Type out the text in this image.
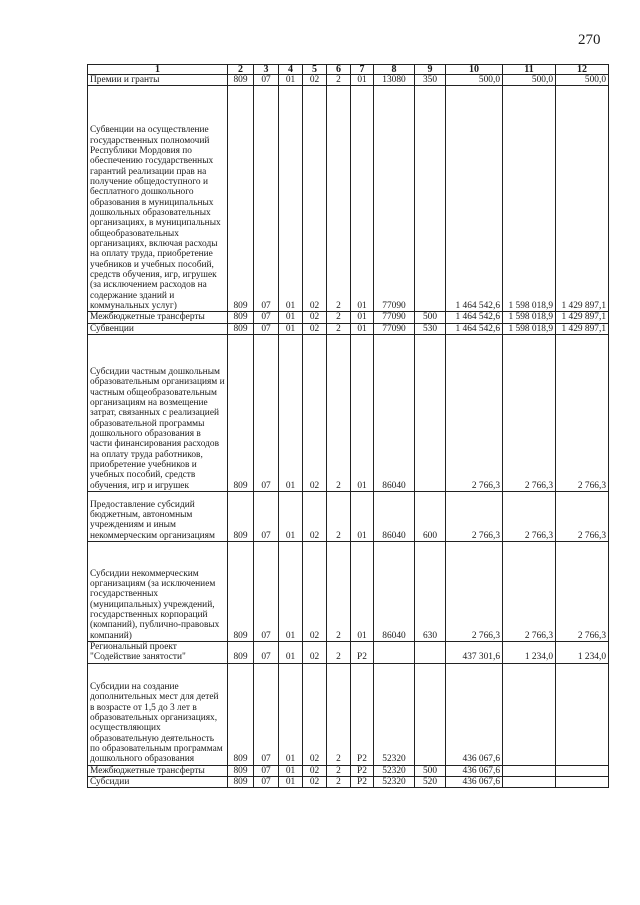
270
1	2	3	4	5	6	7	8	9	10	11	12
Премии и гранты	809	07	01	02	2	01	13080	350	500,0	500,0	500,0
Субвенции на осуществление государственных полномочий Республики Мордовия по обеспечению государственных гарантий реализации прав на получение общедоступного и бесплатного дошкольного образования в муниципальных дошкольных образовательных организациях, в муниципальных общеобразовательных организациях, включая расходы на оплату труда, приобретение учебников и учебных пособий, средств обучения, игр, игрушек (за исключением расходов на содержание зданий и коммунальных услуг)	809	07	01	02	2	01	77090		1 464 542,6	1 598 018,9	1 429 897,1
Межбюджетные трансферты	809	07	01	02	2	01	77090	500	1 464 542,6	1 598 018,9	1 429 897,1
Субвенции	809	07	01	02	2	01	77090	530	1 464 542,6	1 598 018,9	1 429 897,1
Субсидии частным дошкольным образовательным организациям и частным общеобразовательным организациям на возмещение затрат, связанных с реализацией образовательной программы дошкольного образования в части финансирования расходов на оплату труда работников, приобретение учебников и учебных пособий, средств обучения, игр и игрушек	809	07	01	02	2	01	86040		2 766,3	2 766,3	2 766,3
Предоставление субсидий бюджетным, автономным учреждениям и иным некоммерческим организациям	809	07	01	02	2	01	86040	600	2 766,3	2 766,3	2 766,3
Субсидии некоммерческим организациям (за исключением государственных (муниципальных) учреждений, государственных корпораций (компаний), публично-правовых компаний)	809	07	01	02	2	01	86040	630	2 766,3	2 766,3	2 766,3
Региональный проект "Содействие занятости"	809	07	01	02	2	P2			437 301,6	1 234,0	1 234,0
Субсидии на создание дополнительных мест для детей в возрасте от 1,5 до 3 лет в образовательных организациях, осуществляющих образовательную деятельность по образовательным программам дошкольного образования	809	07	01	02	2	P2	52320		436 067,6		
Межбюджетные трансферты	809	07	01	02	2	P2	52320	500	436 067,6		
Субсидии	809	07	01	02	2	P2	52320	520	436 067,6		
